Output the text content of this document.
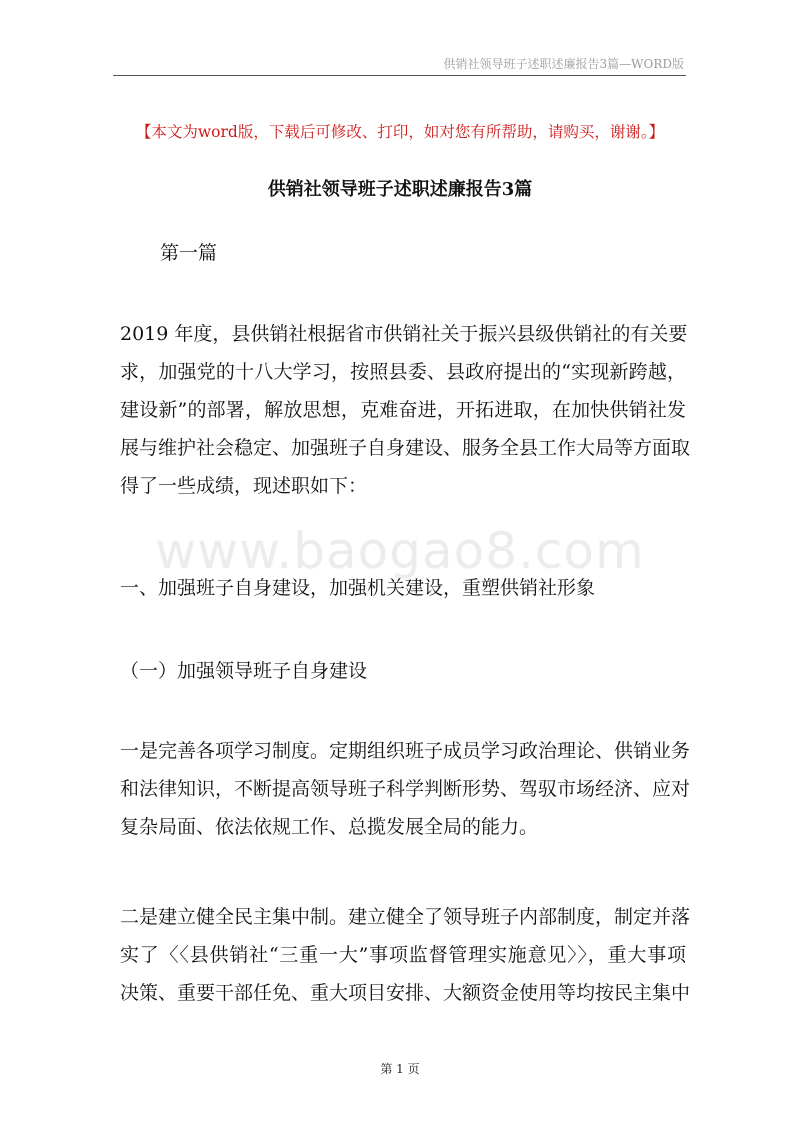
供销社领导班子述职述廉报告3篇—WORD版
【本文为word版，下载后可修改、打印，如对您有所帮助，请购买，谢谢。】
供销社领导班子述职述廉报告3篇
第一篇
2019 年度，县供销社根据省市供销社关于振兴县级供销社的有关要
求，加强党的十八大学习，按照县委、县政府提出的“实现新跨越，
建设新”的部署，解放思想，克难奋进，开拓进取，在加快供销社发
展与维护社会稳定、加强班子自身建设、服务全县工作大局等方面取
得了一些成绩，现述职如下：
www.baogao8.com
一、加强班子自身建设，加强机关建设，重塑供销社形象
（一）加强领导班子自身建设
一是完善各项学习制度。定期组织班子成员学习政治理论、供销业务
和法律知识，不断提高领导班子科学判断形势、驾驭市场经济、应对
复杂局面、依法依规工作、总揽发展全局的能力。
二是建立健全民主集中制。建立健全了领导班子内部制度，制定并落
实了〈〈县供销社“三重一大”事项监督管理实施意见〉〉，重大事项
决策、重要干部任免、重大项目安排、大额资金使用等均按民主集中
第 1 页
